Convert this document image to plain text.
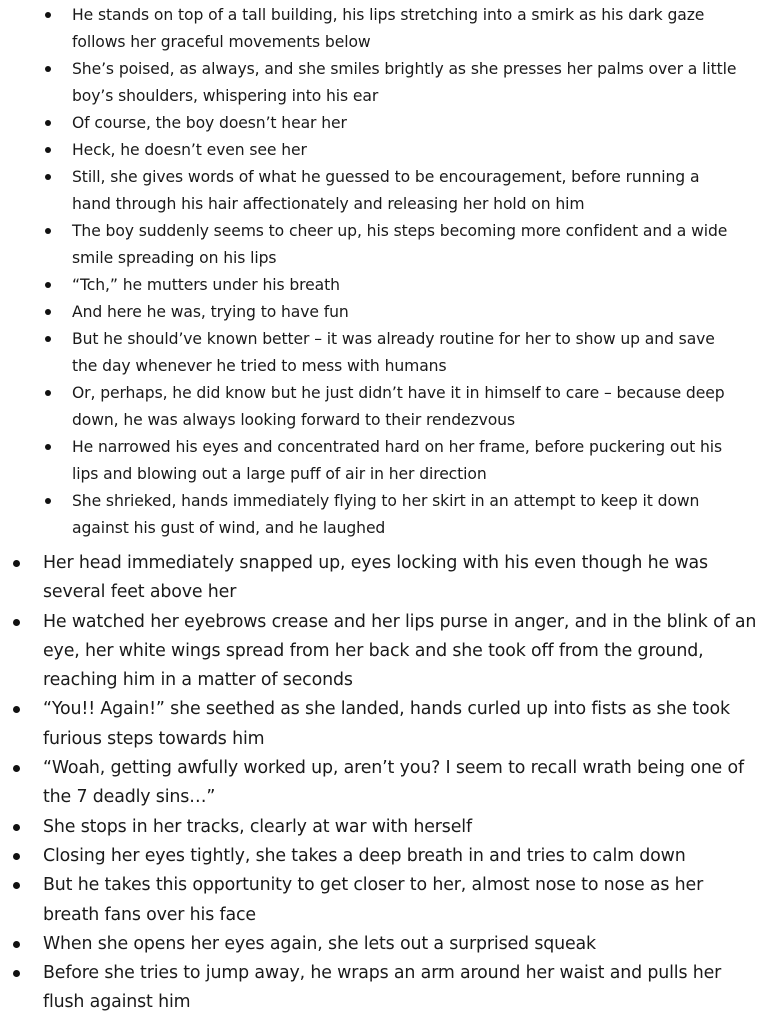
He stands on top of a tall building, his lips stretching into a smirk as his dark gaze follows her graceful movements below
She’s poised, as always, and she smiles brightly as she presses her palms over a little boy’s shoulders, whispering into his ear
Of course, the boy doesn’t hear her
Heck, he doesn’t even see her
Still, she gives words of what he guessed to be encouragement, before running a hand through his hair affectionately and releasing her hold on him
The boy suddenly seems to cheer up, his steps becoming more confident and a wide smile spreading on his lips
“Tch,” he mutters under his breath
And here he was, trying to have fun
But he should’ve known better – it was already routine for her to show up and save the day whenever he tried to mess with humans
Or, perhaps, he did know but he just didn’t have it in himself to care – because deep down, he was always looking forward to their rendezvous
He narrowed his eyes and concentrated hard on her frame, before puckering out his lips and blowing out a large puff of air in her direction
She shrieked, hands immediately flying to her skirt in an attempt to keep it down against his gust of wind, and he laughed
Her head immediately snapped up, eyes locking with his even though he was several feet above her
He watched her eyebrows crease and her lips purse in anger, and in the blink of an eye, her white wings spread from her back and she took off from the ground, reaching him in a matter of seconds
“You!! Again!” she seethed as she landed, hands curled up into fists as she took furious steps towards him
“Woah, getting awfully worked up, aren’t you? I seem to recall wrath being one of the 7 deadly sins…”
She stops in her tracks, clearly at war with herself
Closing her eyes tightly, she takes a deep breath in and tries to calm down
But he takes this opportunity to get closer to her, almost nose to nose as her breath fans over his face
When she opens her eyes again, she lets out a surprised squeak
Before she tries to jump away, he wraps an arm around her waist and pulls her flush against him
